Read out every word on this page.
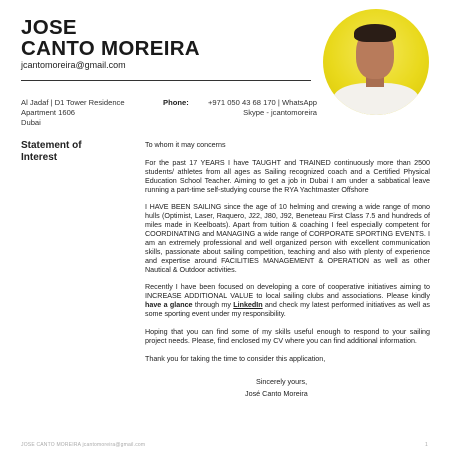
JOSE
CANTO MOREIRA
jcantomoreira@gmail.com
Al Jadaf | D1 Tower Residence
Apartment 1606
Dubai
Phone:	+971 050 43 68 170 | WhatsApp
Skype - jcantomoreira
Statement of
Interest

To whom it may concerns

For the past 17 YEARS I have TAUGHT and TRAINED continuously more than 2500 students/ athletes from all ages as Sailing recognized coach and a Certified Physical Education School Teacher. Aiming to get a job in Dubai I am under a sabbatical leave running a part-time self-studying course the RYA Yachtmaster Offshore

I HAVE BEEN SAILING since the age of 10 helming and crewing a wide range of mono hulls (Optimist, Laser, Raquero, J22, J80, J92, Beneteau First Class 7.5 and hundreds of miles made in Keelboats). Apart from tuition & coaching I feel especially competent for COORDINATING and MANAGING a wide range of CORPORATE SPORTING EVENTS. I am an extremely professional and well organized person with excellent communication skills, passionate about sailing competition, teaching and also with plenty of experience and expertise around FACILITIES MANAGEMENT & OPERATION as well as other Nautical & Outdoor activities.

Recently I have been focused on developing a core of cooperative initiatives aiming to INCREASE ADDITIONAL VALUE to local sailing clubs and associations. Please kindly have a glance through my LinkedIn and check my latest performed initiatives as well as some sporting event under my responsibility.

Hoping that you can find some of my skills useful enough to respond to your sailing project needs. Please, find enclosed my CV where you can find additional information.

Thank you for taking the time to consider this application,

Sincerely yours,
José Canto Moreira
JOSE CANTO MOREIRA jcantomoreira@gmail.com	1
